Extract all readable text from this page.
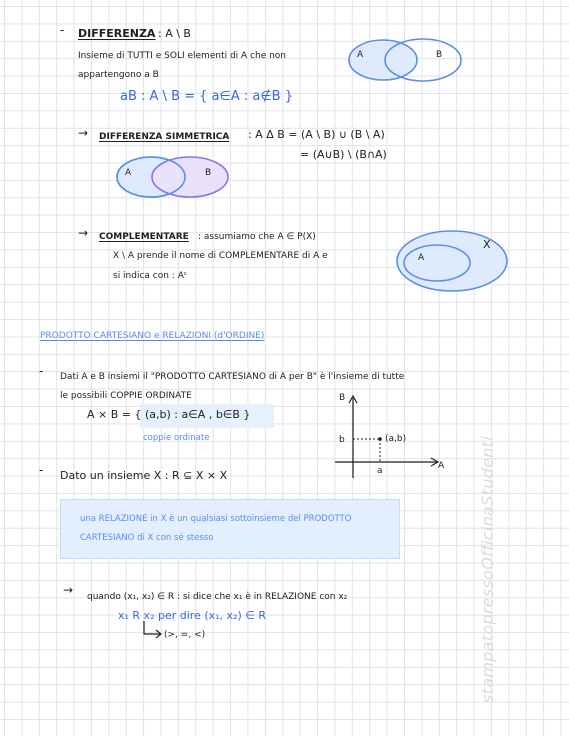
- DIFFERENZA : A \ B
Insieme di TUTTI e SOLI elementi di A che non
appartengono a B
aB : A \ B = { a∈A : a∉B }
A	B
→ DIFFERENZA SIMMETRICA : A Δ B = (A \ B) ∪ (B \ A)
= (A∪B) \ (B∩A)
A	B
→ COMPLEMENTARE : assumiamo che A ∈ P(X)
X \ A prende il nome di COMPLEMENTARE di A e
si indica con : Aᶜ
X
A
PRODOTTO CARTESIANO e RELAZIONI (d'ORDINE)
- Dati A e B insiemi il "PRODOTTO CARTESIANO di A per B" è l'insieme di tutte
le possibili COPPIE ORDINATE
A × B = { (a,b) : a∈A , b∈B }
coppie ordinate
B
A
b
a
(a,b)
- Dato un insieme X : R ⊆ X × X
una RELAZIONE in X è un qualsiasi sottoinsieme del PRODOTTO
CARTESIANO di X con sé stesso
→ quando (x₁, x₂) ∈ R : si dice che x₁ è in RELAZIONE con x₂
x₁ R x₂ per dire (x₁, x₂) ∈ R
(>, =, <)	stampatopressoOfficinaStudenti
